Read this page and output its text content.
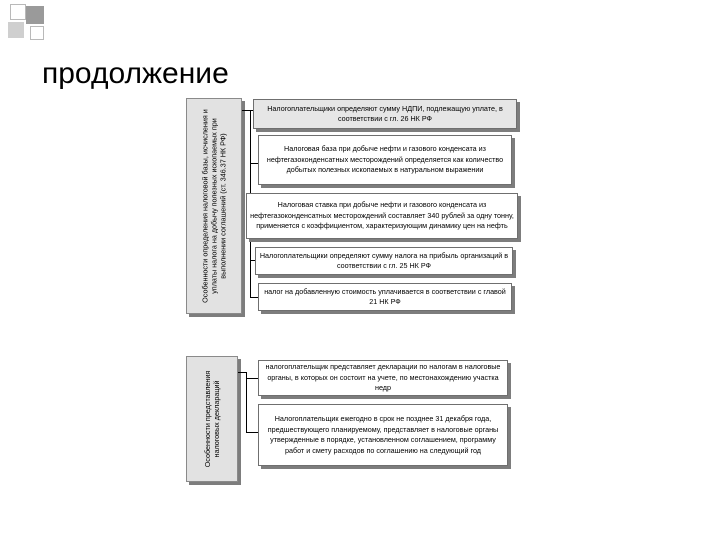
продолжение
Особенности определения налоговой базы, исчисления и уплаты налога на добычу полезных ископаемых при выполнении соглашений (ст. 346.37 НК РФ)
Налогоплательщики определяют сумму НДПИ, подлежащую уплате, в соответствии с гл. 26 НК РФ
Налоговая база при добыче нефти и газового конденсата из нефтегазоконденсатных месторождений определяется как количество добытых полезных ископаемых в натуральном выражении
Налоговая ставка при добыче нефти и газового конденсата из нефтегазоконденсатных месторождений составляет 340 рублей за одну тонну, применяется с коэффициентом, характеризующим динамику цен на нефть
Налогоплательщики определяют сумму налога на прибыль организаций в соответствии с гл. 25 НК РФ
налог на добавленную стоимость уплачивается в соответствии с главой 21 НК РФ
Особенности представления налоговых деклараций
налогоплательщик представляет декларации по налогам в налоговые органы, в которых он состоит на учете, по местонахождению участка недр
Налогоплательщик ежегодно в срок не позднее 31 декабря года, предшествующего планируемому, представляет в налоговые органы утвержденные в порядке, установленном соглашением, программу работ и смету расходов по соглашению на следующий год
